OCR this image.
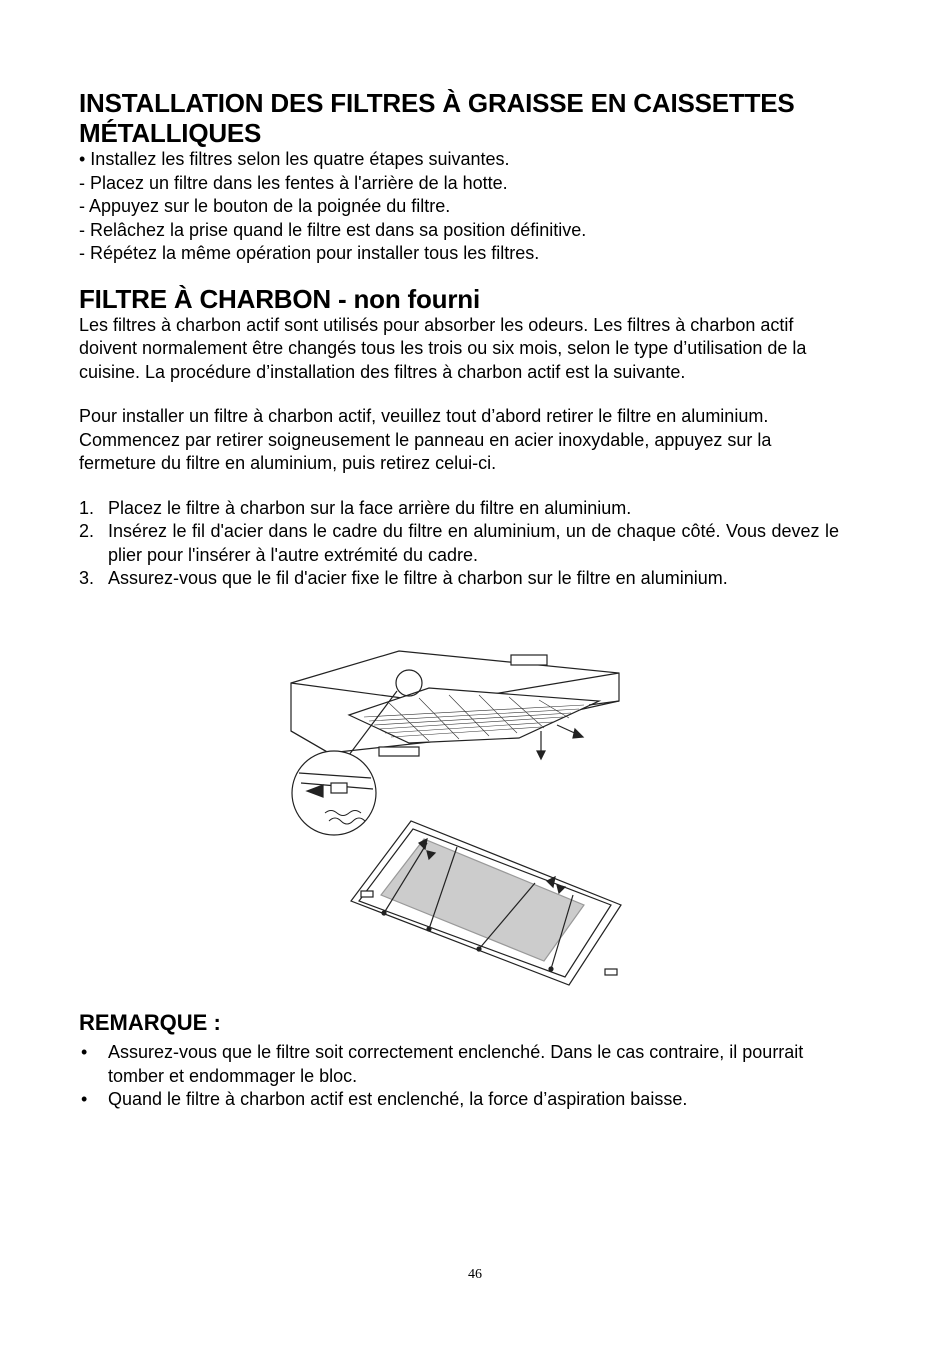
INSTALLATION DES FILTRES À GRAISSE EN CAISSETTES MÉTALLIQUES

• Installez les filtres selon les quatre étapes suivantes.

- Placez un filtre dans les fentes à l'arrière de la hotte.

- Appuyez sur le bouton de la poignée du filtre.

- Relâchez la prise quand le filtre est dans sa position définitive.

- Répétez la même opération pour installer tous les filtres.

FILTRE À CHARBON - non fourni

Les filtres à charbon actif sont utilisés pour absorber les odeurs. Les filtres à charbon actif doivent normalement être changés tous les trois ou six mois, selon le type d’utilisation de la cuisine. La procédure d’installation des filtres à charbon actif est la suivante.

Pour installer un filtre à charbon actif, veuillez tout d’abord retirer le filtre en aluminium. Commencez par retirer soigneusement le panneau en acier inoxydable, appuyez sur la fermeture du filtre en aluminium, puis retirez celui-ci.

1. Placez le filtre à charbon sur la face arrière du filtre en aluminium.
2. Insérez le fil d'acier dans le cadre du filtre en aluminium, un de chaque côté. Vous devez le plier pour l'insérer à l'autre extrémité du cadre.
3. Assurez-vous que le fil d'acier fixe le filtre à charbon sur le filtre en aluminium.
REMARQUE :
• Assurez-vous que le filtre soit correctement enclenché. Dans le cas contraire, il pourrait tomber et endommager le bloc.
• Quand le filtre à charbon actif est enclenché, la force d’aspiration baisse.
46
